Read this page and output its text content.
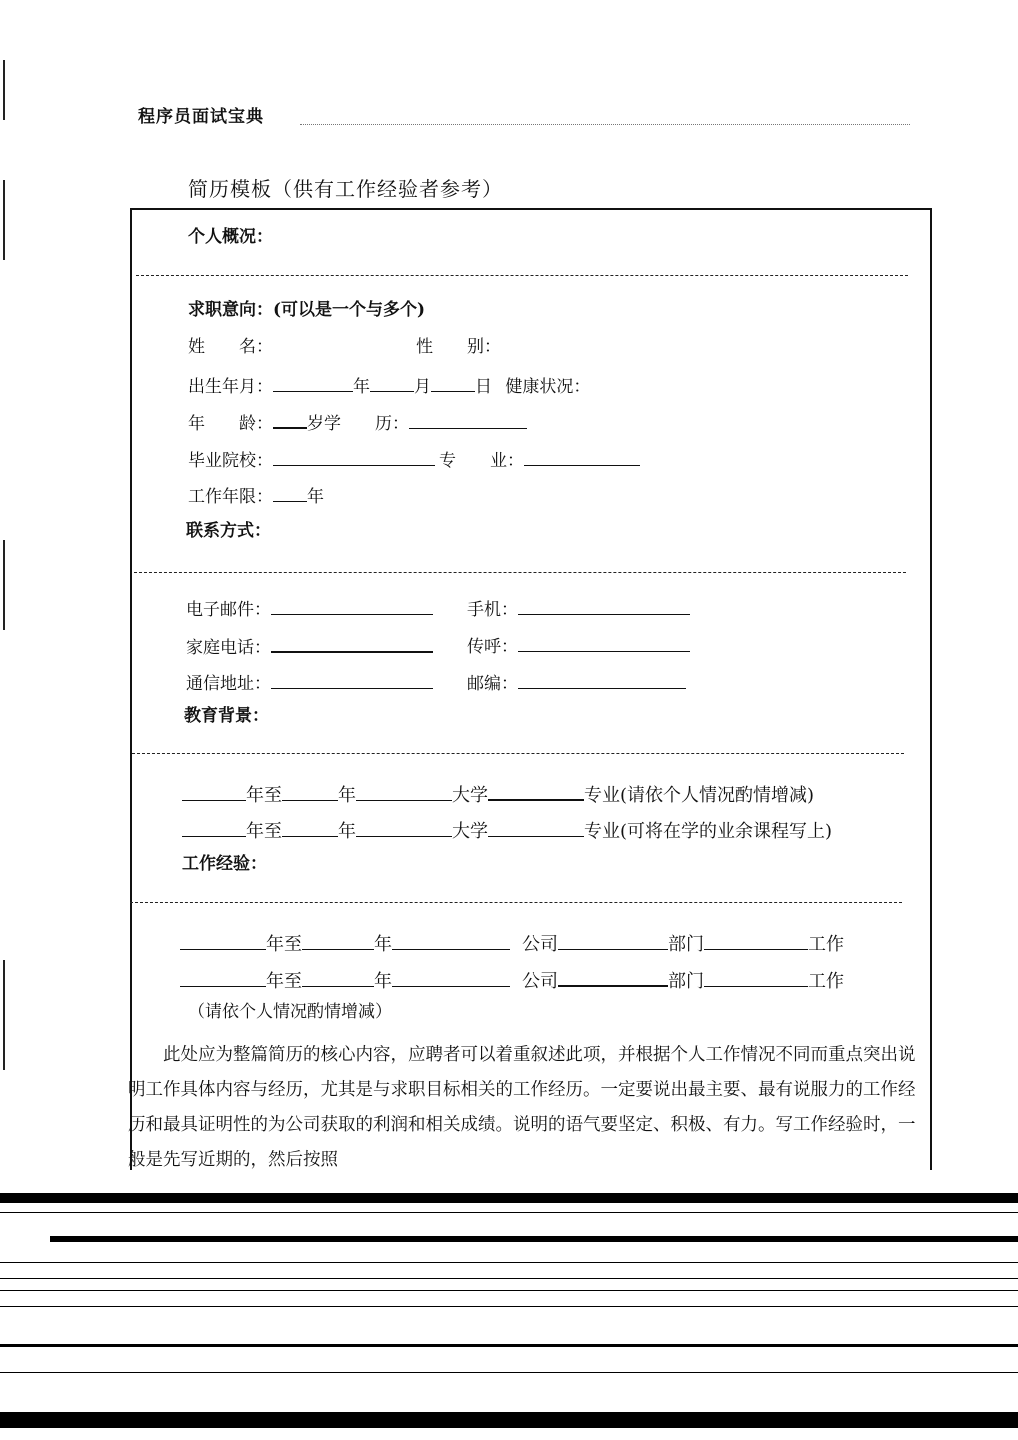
程序员面试宝典
简历模板（供有工作经验者参考）
个人概况：
求职意向：(可以是一个与多个)
姓　　名：	性　　别：
出生年月：	年	月	日 健康状况：
年　　龄： 岁学　　历：
毕业院校：	专　　业：
工作年限： 年
联系方式：
电子邮件：	手机：
家庭电话：	传呼：
通信地址：	邮编：
教育背景：
年至	年	大学	专业(请依个人情况酌情增减)
年至	年	大学	专业(可将在学的业余课程写上)
工作经验：
年至	年	公司	部门	工作
年至	年	公司	部门	工作
（请依个人情况酌情增减）

此处应为整篇简历的核心内容，应聘者可以着重叙述此项，并根据个人工作情况不同而重点突出说明工作具体内容与经历，尤其是与求职目标相关的工作经历。一定要说出最主要、最有说服力的工作经历和最具证明性的为公司获取的利润和相关成绩。说明的语气要坚定、积极、有力。写工作经验时，一般是先写近期的，然后按照
